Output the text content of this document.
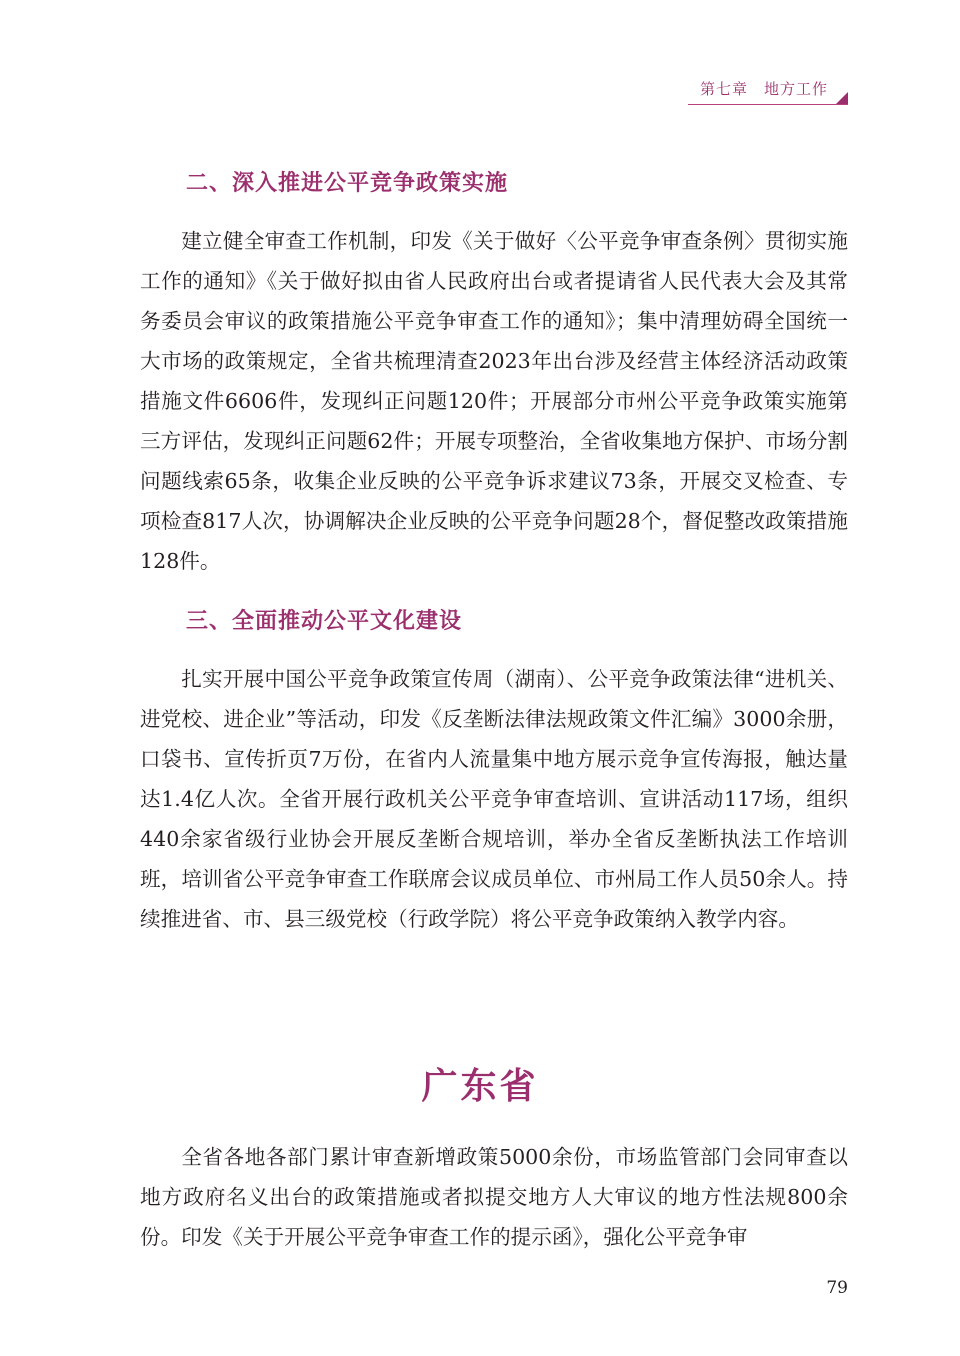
第七章　地方工作
二、深入推进公平竞争政策实施

建立健全审查工作机制，印发《关于做好〈公平竞争审查条例〉贯彻实施工作的通知》《关于做好拟由省人民政府出台或者提请省人民代表大会及其常务委员会审议的政策措施公平竞争审查工作的通知》；集中清理妨碍全国统一大市场的政策规定，全省共梳理清查2023年出台涉及经营主体经济活动政策措施文件6606件，发现纠正问题120件；开展部分市州公平竞争政策实施第三方评估，发现纠正问题62件；开展专项整治，全省收集地方保护、市场分割问题线索65条，收集企业反映的公平竞争诉求建议73条，开展交叉检查、专项检查817人次，协调解决企业反映的公平竞争问题28个，督促整改政策措施128件。

三、全面推动公平文化建设

扎实开展中国公平竞争政策宣传周（湖南）、公平竞争政策法律“进机关、进党校、进企业”等活动，印发《反垄断法律法规政策文件汇编》3000余册，口袋书、宣传折页7万份，在省内人流量集中地方展示竞争宣传海报，触达量达1.4亿人次。全省开展行政机关公平竞争审查培训、宣讲活动117场，组织440余家省级行业协会开展反垄断合规培训，举办全省反垄断执法工作培训班，培训省公平竞争审查工作联席会议成员单位、市州局工作人员50余人。持续推进省、市、县三级党校（行政学院）将公平竞争政策纳入教学内容。

广东省

全省各地各部门累计审查新增政策5000余份，市场监管部门会同审查以地方政府名义出台的政策措施或者拟提交地方人大审议的地方性法规800余份。印发《关于开展公平竞争审查工作的提示函》，强化公平竞争审

79
